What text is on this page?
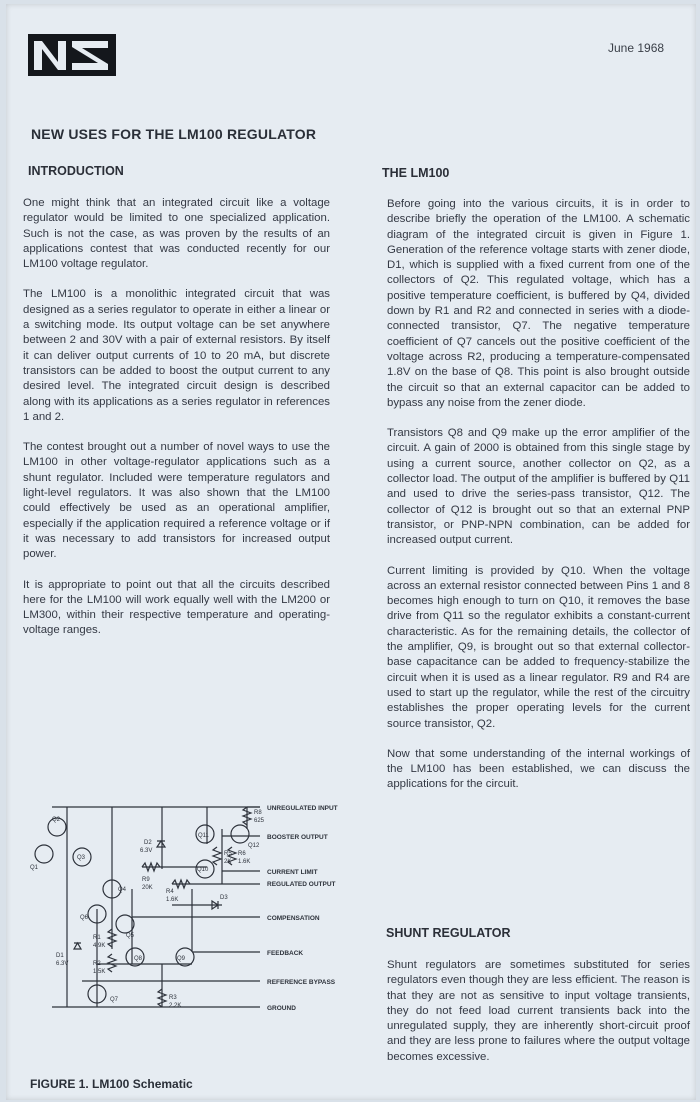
June 1968
NEW USES FOR THE LM100 REGULATOR
INTRODUCTION

One might think that an integrated circuit like a voltage regulator would be limited to one specialized application. Such is not the case, as was proven by the results of an applications contest that was conducted recently for our LM100 voltage regulator.

The LM100 is a monolithic integrated circuit that was designed as a series regulator to operate in either a linear or a switching mode. Its output voltage can be set anywhere between 2 and 30V with a pair of external resistors. By itself it can deliver output currents of 10 to 20 mA, but discrete transistors can be added to boost the output current to any desired level. The integrated circuit design is described along with its applications as a series regulator in references 1 and 2.

The contest brought out a number of novel ways to use the LM100 in other voltage-regulator applications such as a shunt regulator. Included were temperature regulators and light-level regulators. It was also shown that the LM100 could effectively be used as an operational amplifier, especially if the application required a reference voltage or if it was necessary to add transistors for increased output power.

It is appropriate to point out that all the circuits described here for the LM100 will work equally well with the LM200 or LM300, within their respective temperature and operating-voltage ranges.

UNREGULATED INPUT
BOOSTER OUTPUT
CURRENT LIMIT
REGULATED OUTPUT
COMPENSATION
FEEDBACK
REFERENCE BYPASS
GROUND
Q1
Q2
Q3
Q4
Q5
Q6
Q7
Q8	Q9
Q10
Q11
Q12
D1
6.3V
D2
6.3V
D3
R1
4.9K
R2
1.5K
R3
2.2K
R4
1.6K
R5
2K
R6
1.6K
R8
625
R9
20K
FIGURE 1. LM100 Schematic
THE LM100

Before going into the various circuits, it is in order to describe briefly the operation of the LM100. A schematic diagram of the integrated circuit is given in Figure 1. Generation of the reference voltage starts with zener diode, D1, which is supplied with a fixed current from one of the collectors of Q2. This regulated voltage, which has a positive temperature coefficient, is buffered by Q4, divided down by R1 and R2 and connected in series with a diode-connected transistor, Q7. The negative temperature coefficient of Q7 cancels out the positive coefficient of the voltage across R2, producing a temperature-compensated 1.8V on the base of Q8. This point is also brought outside the circuit so that an external capacitor can be added to bypass any noise from the zener diode.

Transistors Q8 and Q9 make up the error amplifier of the circuit. A gain of 2000 is obtained from this single stage by using a current source, another collector on Q2, as a collector load. The output of the amplifier is buffered by Q11 and used to drive the series-pass transistor, Q12. The collector of Q12 is brought out so that an external PNP transistor, or PNP-NPN combination, can be added for increased output current.

Current limiting is provided by Q10. When the voltage across an external resistor connected between Pins 1 and 8 becomes high enough to turn on Q10, it removes the base drive from Q11 so the regulator exhibits a constant-current characteristic. As for the remaining details, the collector of the amplifier, Q9, is brought out so that external collector-base capacitance can be added to frequency-stabilize the circuit when it is used as a linear regulator. R9 and R4 are used to start up the regulator, while the rest of the circuitry establishes the proper operating levels for the current source transistor, Q2.

Now that some understanding of the internal workings of the LM100 has been established, we can discuss the applications for the circuit.

SHUNT REGULATOR

Shunt regulators are sometimes substituted for series regulators even though they are less efficient. The reason is that they are not as sensitive to input voltage transients, they do not feed load current transients back into the unregulated supply, they are inherently short-circuit proof and they are less prone to failures where the output voltage becomes excessive.
